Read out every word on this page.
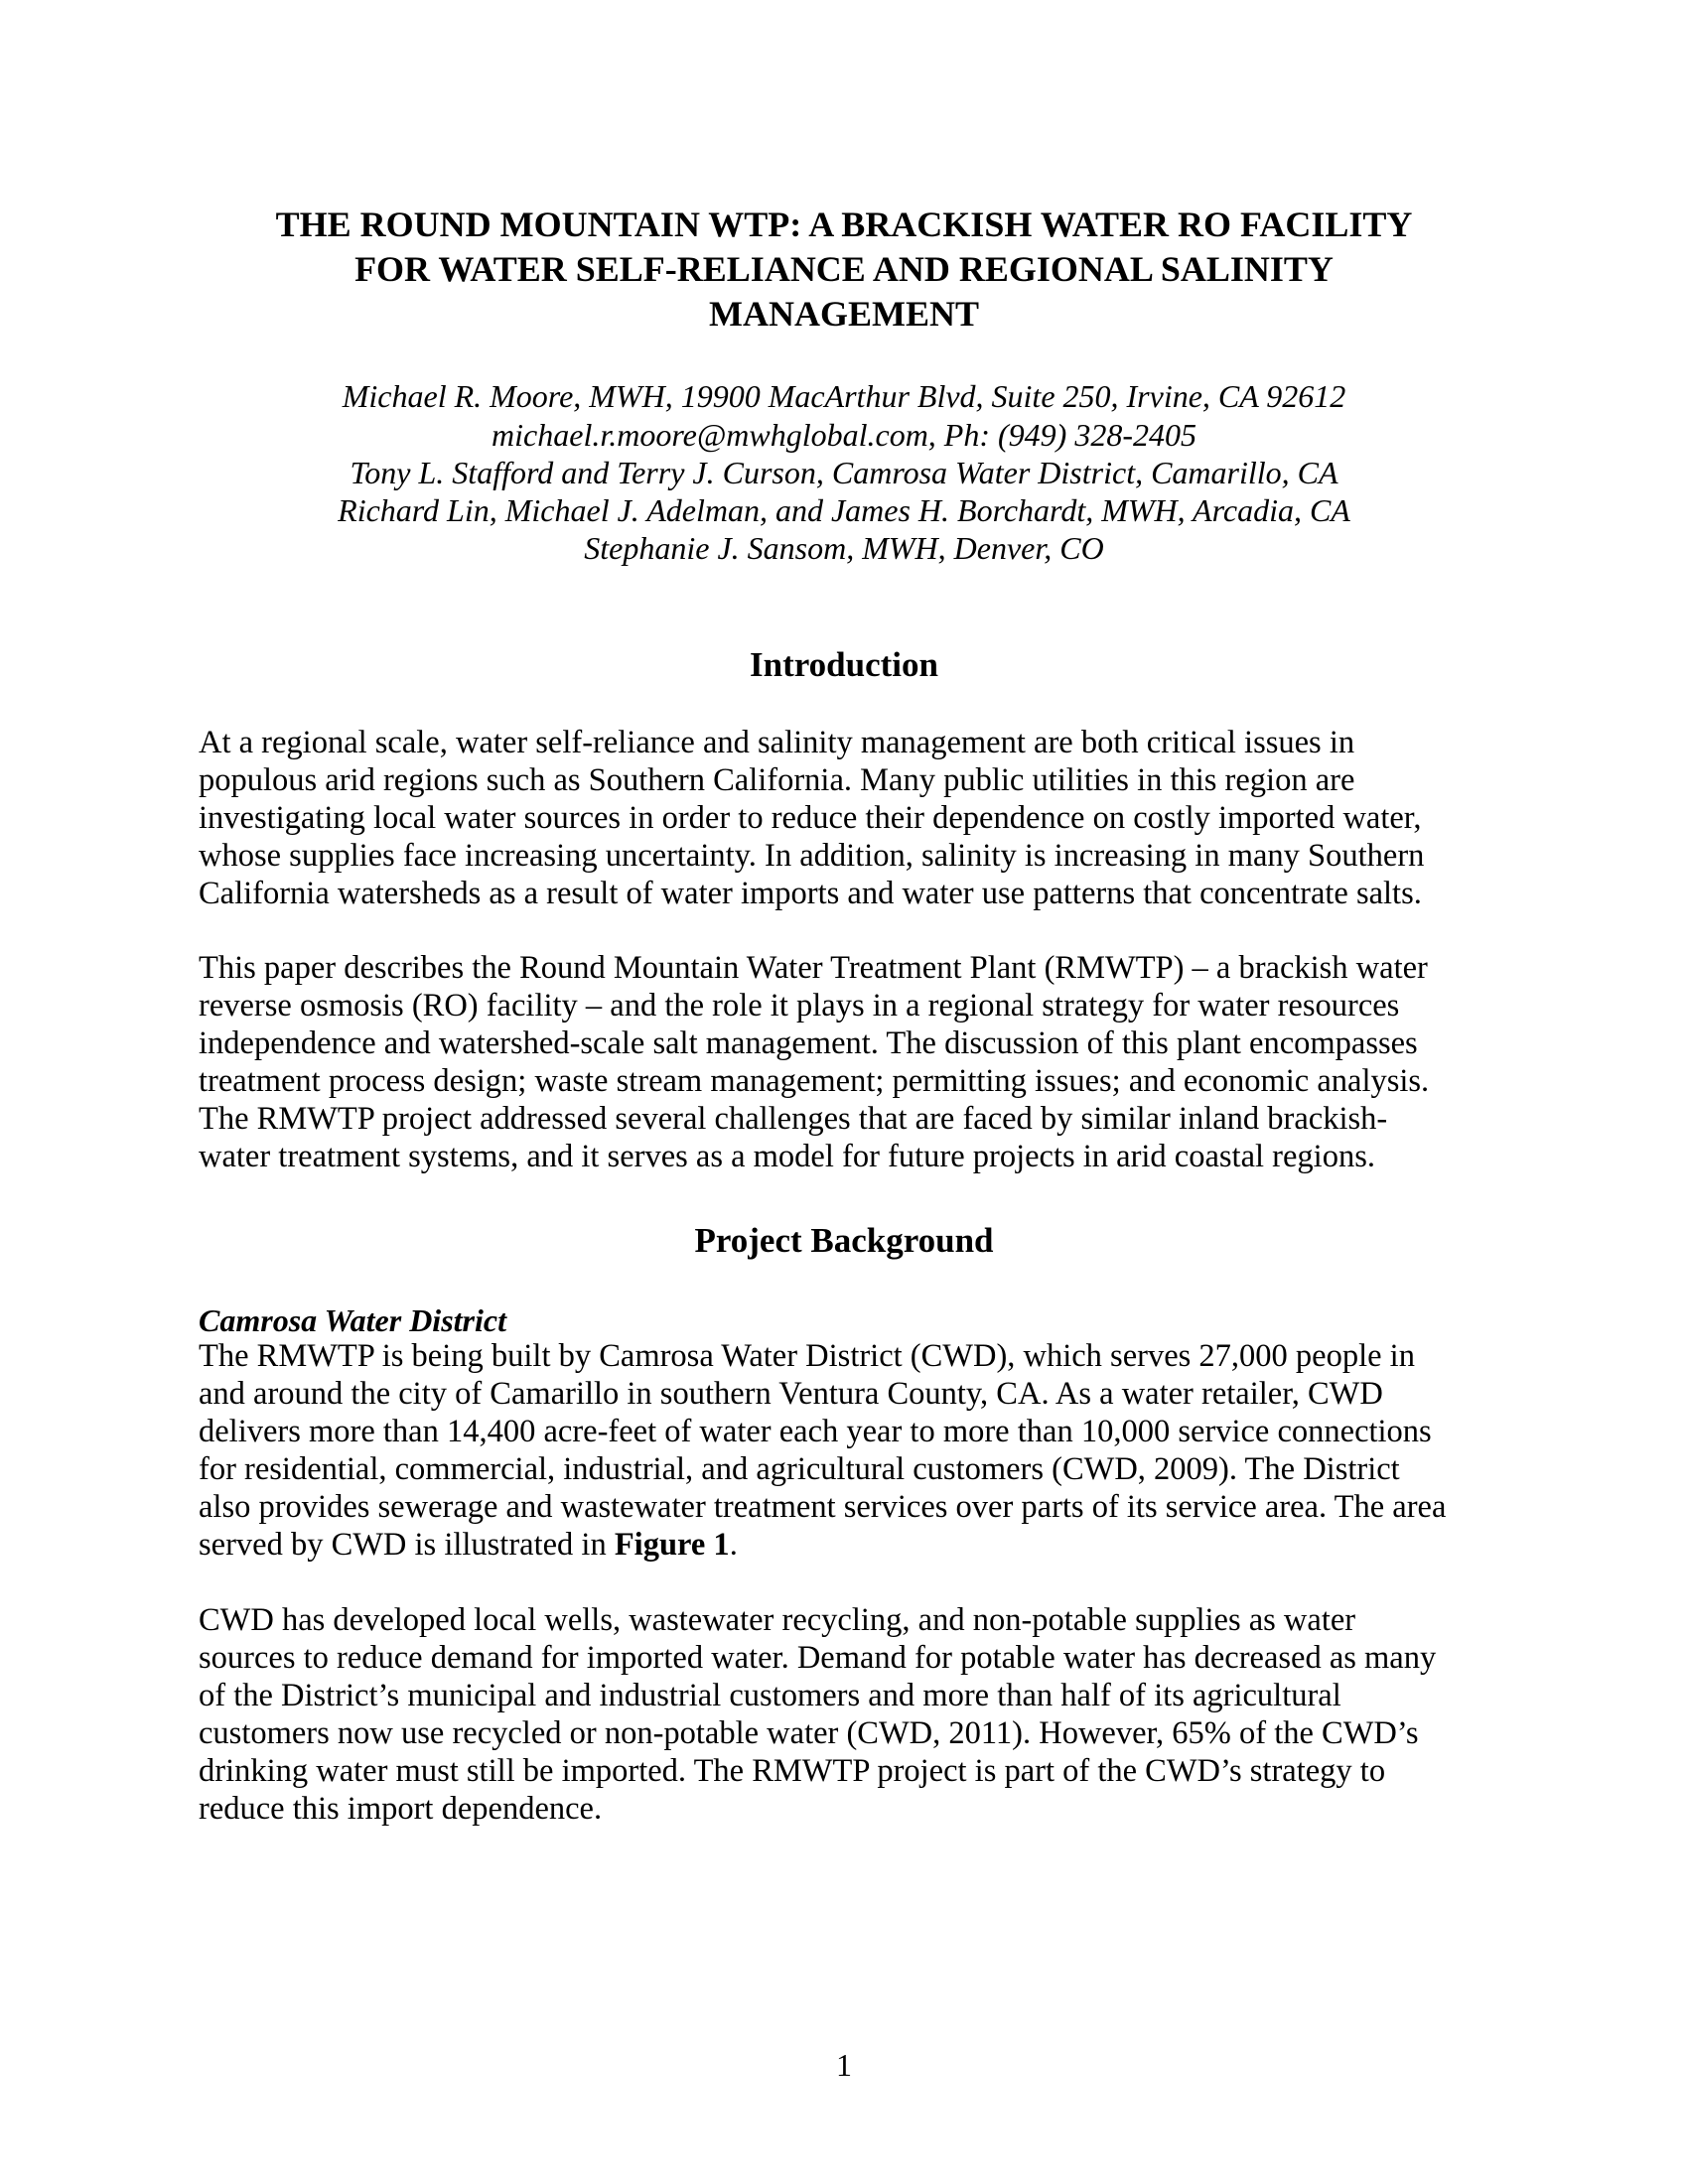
THE ROUND MOUNTAIN WTP: A BRACKISH WATER RO FACILITY
FOR WATER SELF-RELIANCE AND REGIONAL SALINITY
MANAGEMENT
Michael R. Moore, MWH, 19900 MacArthur Blvd, Suite 250, Irvine, CA 92612
michael.r.moore@mwhglobal.com, Ph: (949) 328-2405
Tony L. Stafford and Terry J. Curson, Camrosa Water District, Camarillo, CA
Richard Lin, Michael J. Adelman, and James H. Borchardt, MWH, Arcadia, CA
Stephanie J. Sansom, MWH, Denver, CO
Introduction
At a regional scale, water self-reliance and salinity management are both critical issues in
populous arid regions such as Southern California. Many public utilities in this region are
investigating local water sources in order to reduce their dependence on costly imported water,
whose supplies face increasing uncertainty. In addition, salinity is increasing in many Southern
California watersheds as a result of water imports and water use patterns that concentrate salts.
This paper describes the Round Mountain Water Treatment Plant (RMWTP) – a brackish water
reverse osmosis (RO) facility – and the role it plays in a regional strategy for water resources
independence and watershed-scale salt management. The discussion of this plant encompasses
treatment process design; waste stream management; permitting issues; and economic analysis.
The RMWTP project addressed several challenges that are faced by similar inland brackish-
water treatment systems, and it serves as a model for future projects in arid coastal regions.
Project Background
Camrosa Water District
The RMWTP is being built by Camrosa Water District (CWD), which serves 27,000 people in
and around the city of Camarillo in southern Ventura County, CA. As a water retailer, CWD
delivers more than 14,400 acre-feet of water each year to more than 10,000 service connections
for residential, commercial, industrial, and agricultural customers (CWD, 2009). The District
also provides sewerage and wastewater treatment services over parts of its service area. The area
served by CWD is illustrated in Figure 1.
CWD has developed local wells, wastewater recycling, and non-potable supplies as water
sources to reduce demand for imported water. Demand for potable water has decreased as many
of the District’s municipal and industrial customers and more than half of its agricultural
customers now use recycled or non-potable water (CWD, 2011). However, 65% of the CWD’s
drinking water must still be imported. The RMWTP project is part of the CWD’s strategy to
reduce this import dependence.
1
